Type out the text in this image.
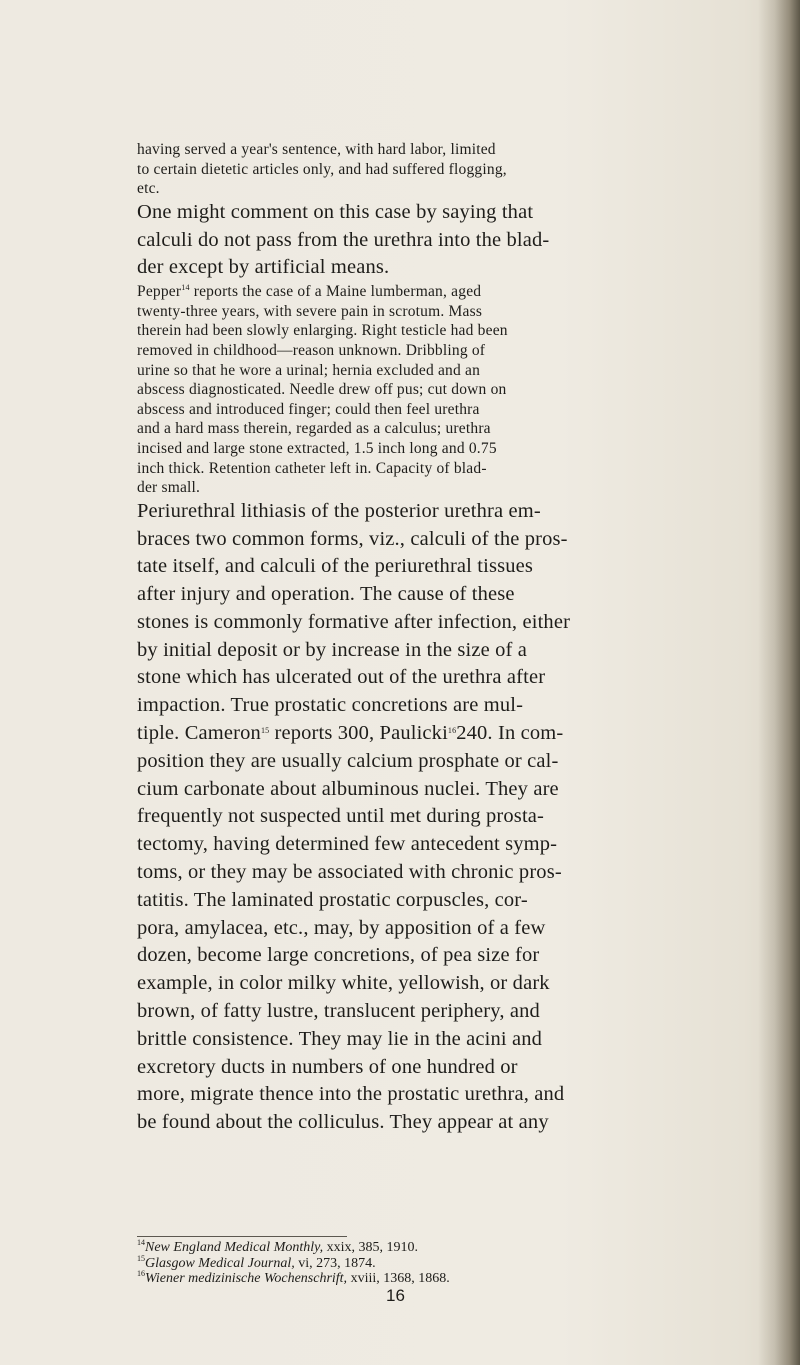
having served a year's sentence, with hard labor, limited
to certain dietetic articles only, and had suffered flogging,
etc.

One might comment on this case by saying that
calculi do not pass from the urethra into the blad-
der except by artificial means.

Pepper$^{14}$ reports the case of a Maine lumberman, aged
twenty-three years, with severe pain in scrotum. Mass
therein had been slowly enlarging. Right testicle had been
removed in childhood—reason unknown. Dribbling of
urine so that he wore a urinal; hernia excluded and an
abscess diagnosticated. Needle drew off pus; cut down on
abscess and introduced finger; could then feel urethra
and a hard mass therein, regarded as a calculus; urethra
incised and large stone extracted, 1.5 inch long and 0.75
inch thick. Retention catheter left in. Capacity of blad-
der small.

Periurethral lithiasis of the posterior urethra em-
braces two common forms, viz., calculi of the pros-
tate itself, and calculi of the periurethral tissues
after injury and operation. The cause of these
stones is commonly formative after infection, either
by initial deposit or by increase in the size of a
stone which has ulcerated out of the urethra after
impaction. True prostatic concretions are mul-
tiple. Cameron$^{15}$ reports 300, Paulicki$^{16}$240. In com-
position they are usually calcium prosphate or cal-
cium carbonate about albuminous nuclei. They are
frequently not suspected until met during prosta-
tectomy, having determined few antecedent symp-
toms, or they may be associated with chronic pros-
tatitis. The laminated prostatic corpuscles, cor-
pora, amylacea, etc., may, by apposition of a few
dozen, become large concretions, of pea size for
example, in color milky white, yellowish, or dark
brown, of fatty lustre, translucent periphery, and
brittle consistence. They may lie in the acini and
excretory ducts in numbers of one hundred or
more, migrate thence into the prostatic urethra, and
be found about the colliculus. They appear at any

$^{14}$New England Medical Monthly, xxix, 385, 1910.
$^{15}$Glasgow Medical Journal, vi, 273, 1874.
$^{16}$Wiener medizinische Wochenschrift, xviii, 1368, 1868.
16
